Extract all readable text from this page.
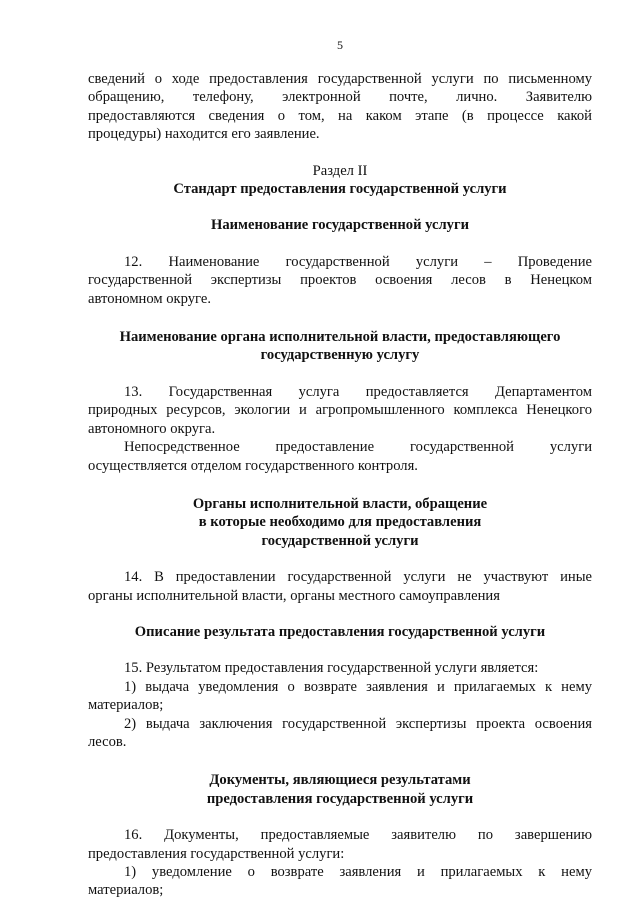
5

сведений о ходе предоставления государственной услуги по письменному

обращению, телефону, электронной почте, лично. Заявителю

предоставляются сведения о том, на каком этапе (в процессе какой

процедуры) находится его заявление.

Раздел II
Стандарт предоставления государственной услуги
Наименование государственной услуги

12. Наименование государственной услуги – Проведение

государственной экспертизы проектов освоения лесов в Ненецком

автономном округе.

Наименование органа исполнительной власти, предоставляющего
государственную услугу

13. Государственная услуга предоставляется Департаментом

природных ресурсов, экологии и агропромышленного комплекса Ненецкого

автономного округа.

Непосредственное предоставление государственной услуги

осуществляется отделом государственного контроля.

Органы исполнительной власти, обращение
в которые необходимо для предоставления
государственной услуги

14. В предоставлении государственной услуги не участвуют иные

органы исполнительной власти, органы местного самоуправления

Описание результата предоставления государственной услуги

15. Результатом предоставления государственной услуги является:

1) выдача уведомления о возврате заявления и прилагаемых к нему

материалов;

2) выдача заключения государственной экспертизы проекта освоения

лесов.

Документы, являющиеся результатами
предоставления государственной услуги

16. Документы, предоставляемые заявителю по завершению

предоставления государственной услуги:

1) уведомление о возврате заявления и прилагаемых к нему

материалов;
